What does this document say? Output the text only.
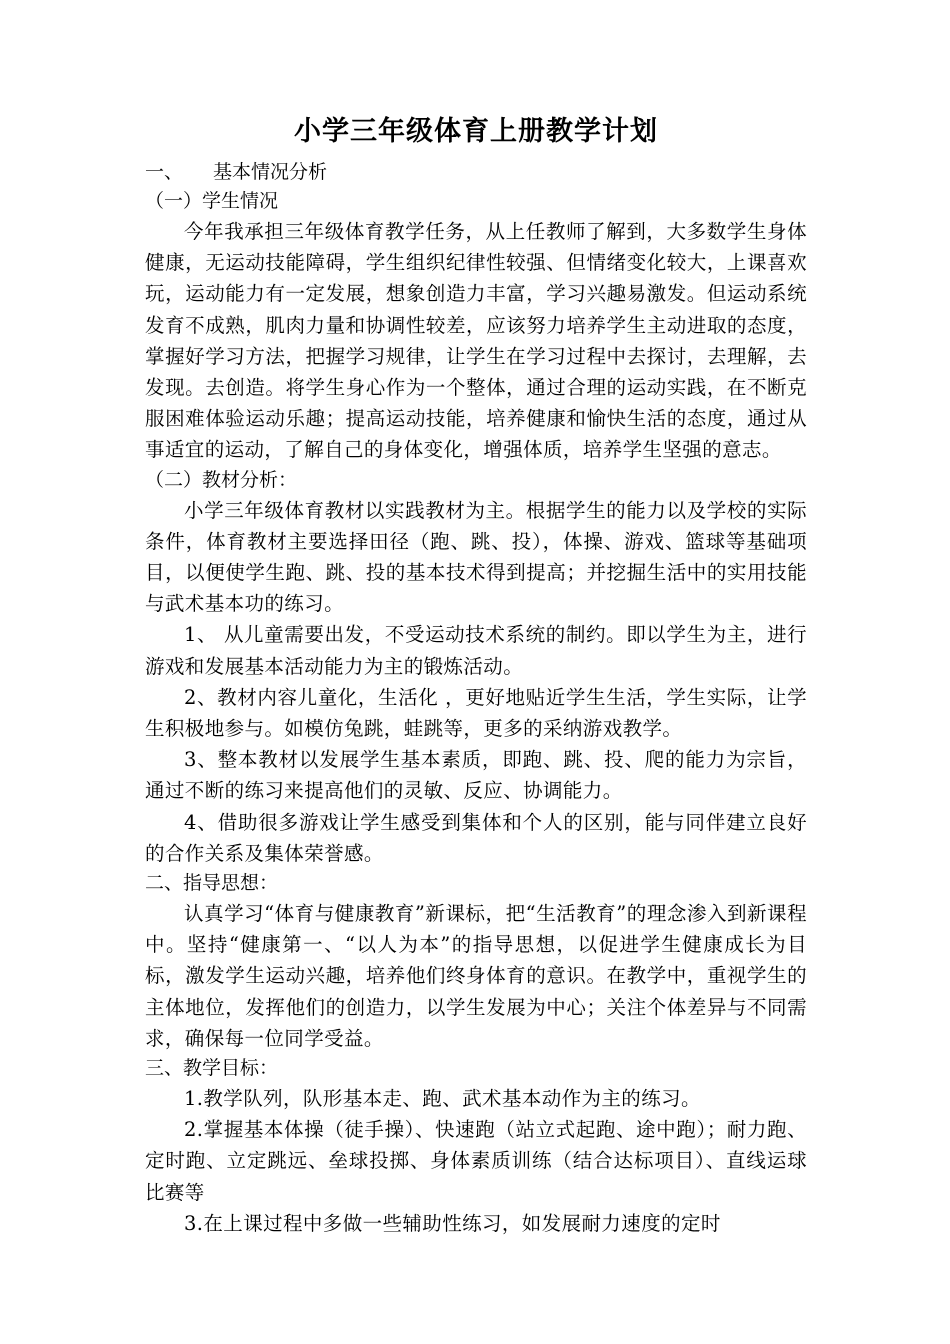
小学三年级体育上册教学计划
一、 基本情况分析
（一）学生情况

今年我承担三年级体育教学任务，从上任教师了解到，大多数学生身体健康，无运动技能障碍，学生组织纪律性较强、但情绪变化较大，上课喜欢玩，运动能力有一定发展，想象创造力丰富，学习兴趣易激发。但运动系统发育不成熟，肌肉力量和协调性较差，应该努力培养学生主动进取的态度，掌握好学习方法，把握学习规律，让学生在学习过程中去探讨，去理解，去发现。去创造。将学生身心作为一个整体，通过合理的运动实践，在不断克服困难体验运动乐趣；提高运动技能，培养健康和愉快生活的态度，通过从事适宜的运动，了解自己的身体变化，增强体质，培养学生坚强的意志。

（二）教材分析：

小学三年级体育教材以实践教材为主。根据学生的能力以及学校的实际条件，体育教材主要选择田径（跑、跳、投），体操、游戏、篮球等基础项目，以便使学生跑、跳、投的基本技术得到提高；并挖掘生活中的实用技能与武术基本功的练习。

1、 从儿童需要出发，不受运动技术系统的制约。即以学生为主，进行游戏和发展基本活动能力为主的锻炼活动。

2、教材内容儿童化，生活化 ，更好地贴近学生生活，学生实际，让学生积极地参与。如模仿兔跳，蛙跳等，更多的采纳游戏教学。

3、整本教材以发展学生基本素质，即跑、跳、投、爬的能力为宗旨，通过不断的练习来提高他们的灵敏、反应、协调能力。

4、借助很多游戏让学生感受到集体和个人的区别，能与同伴建立良好的合作关系及集体荣誉感。

二、指导思想：

认真学习“体育与健康教育”新课标，把“生活教育”的理念渗入到新课程中。坚持“健康第一、“以人为本”的指导思想，以促进学生健康成长为目标，激发学生运动兴趣，培养他们终身体育的意识。在教学中，重视学生的主体地位，发挥他们的创造力，以学生发展为中心；关注个体差异与不同需求，确保每一位同学受益。

三、教学目标：

1.教学队列，队形基本走、跑、武术基本动作为主的练习。

2.掌握基本体操（徒手操）、快速跑（站立式起跑、途中跑）；耐力跑、定时跑、立定跳远、垒球投掷、身体素质训练（结合达标项目）、直线运球比赛等

3.在上课过程中多做一些辅助性练习，如发展耐力速度的定时
